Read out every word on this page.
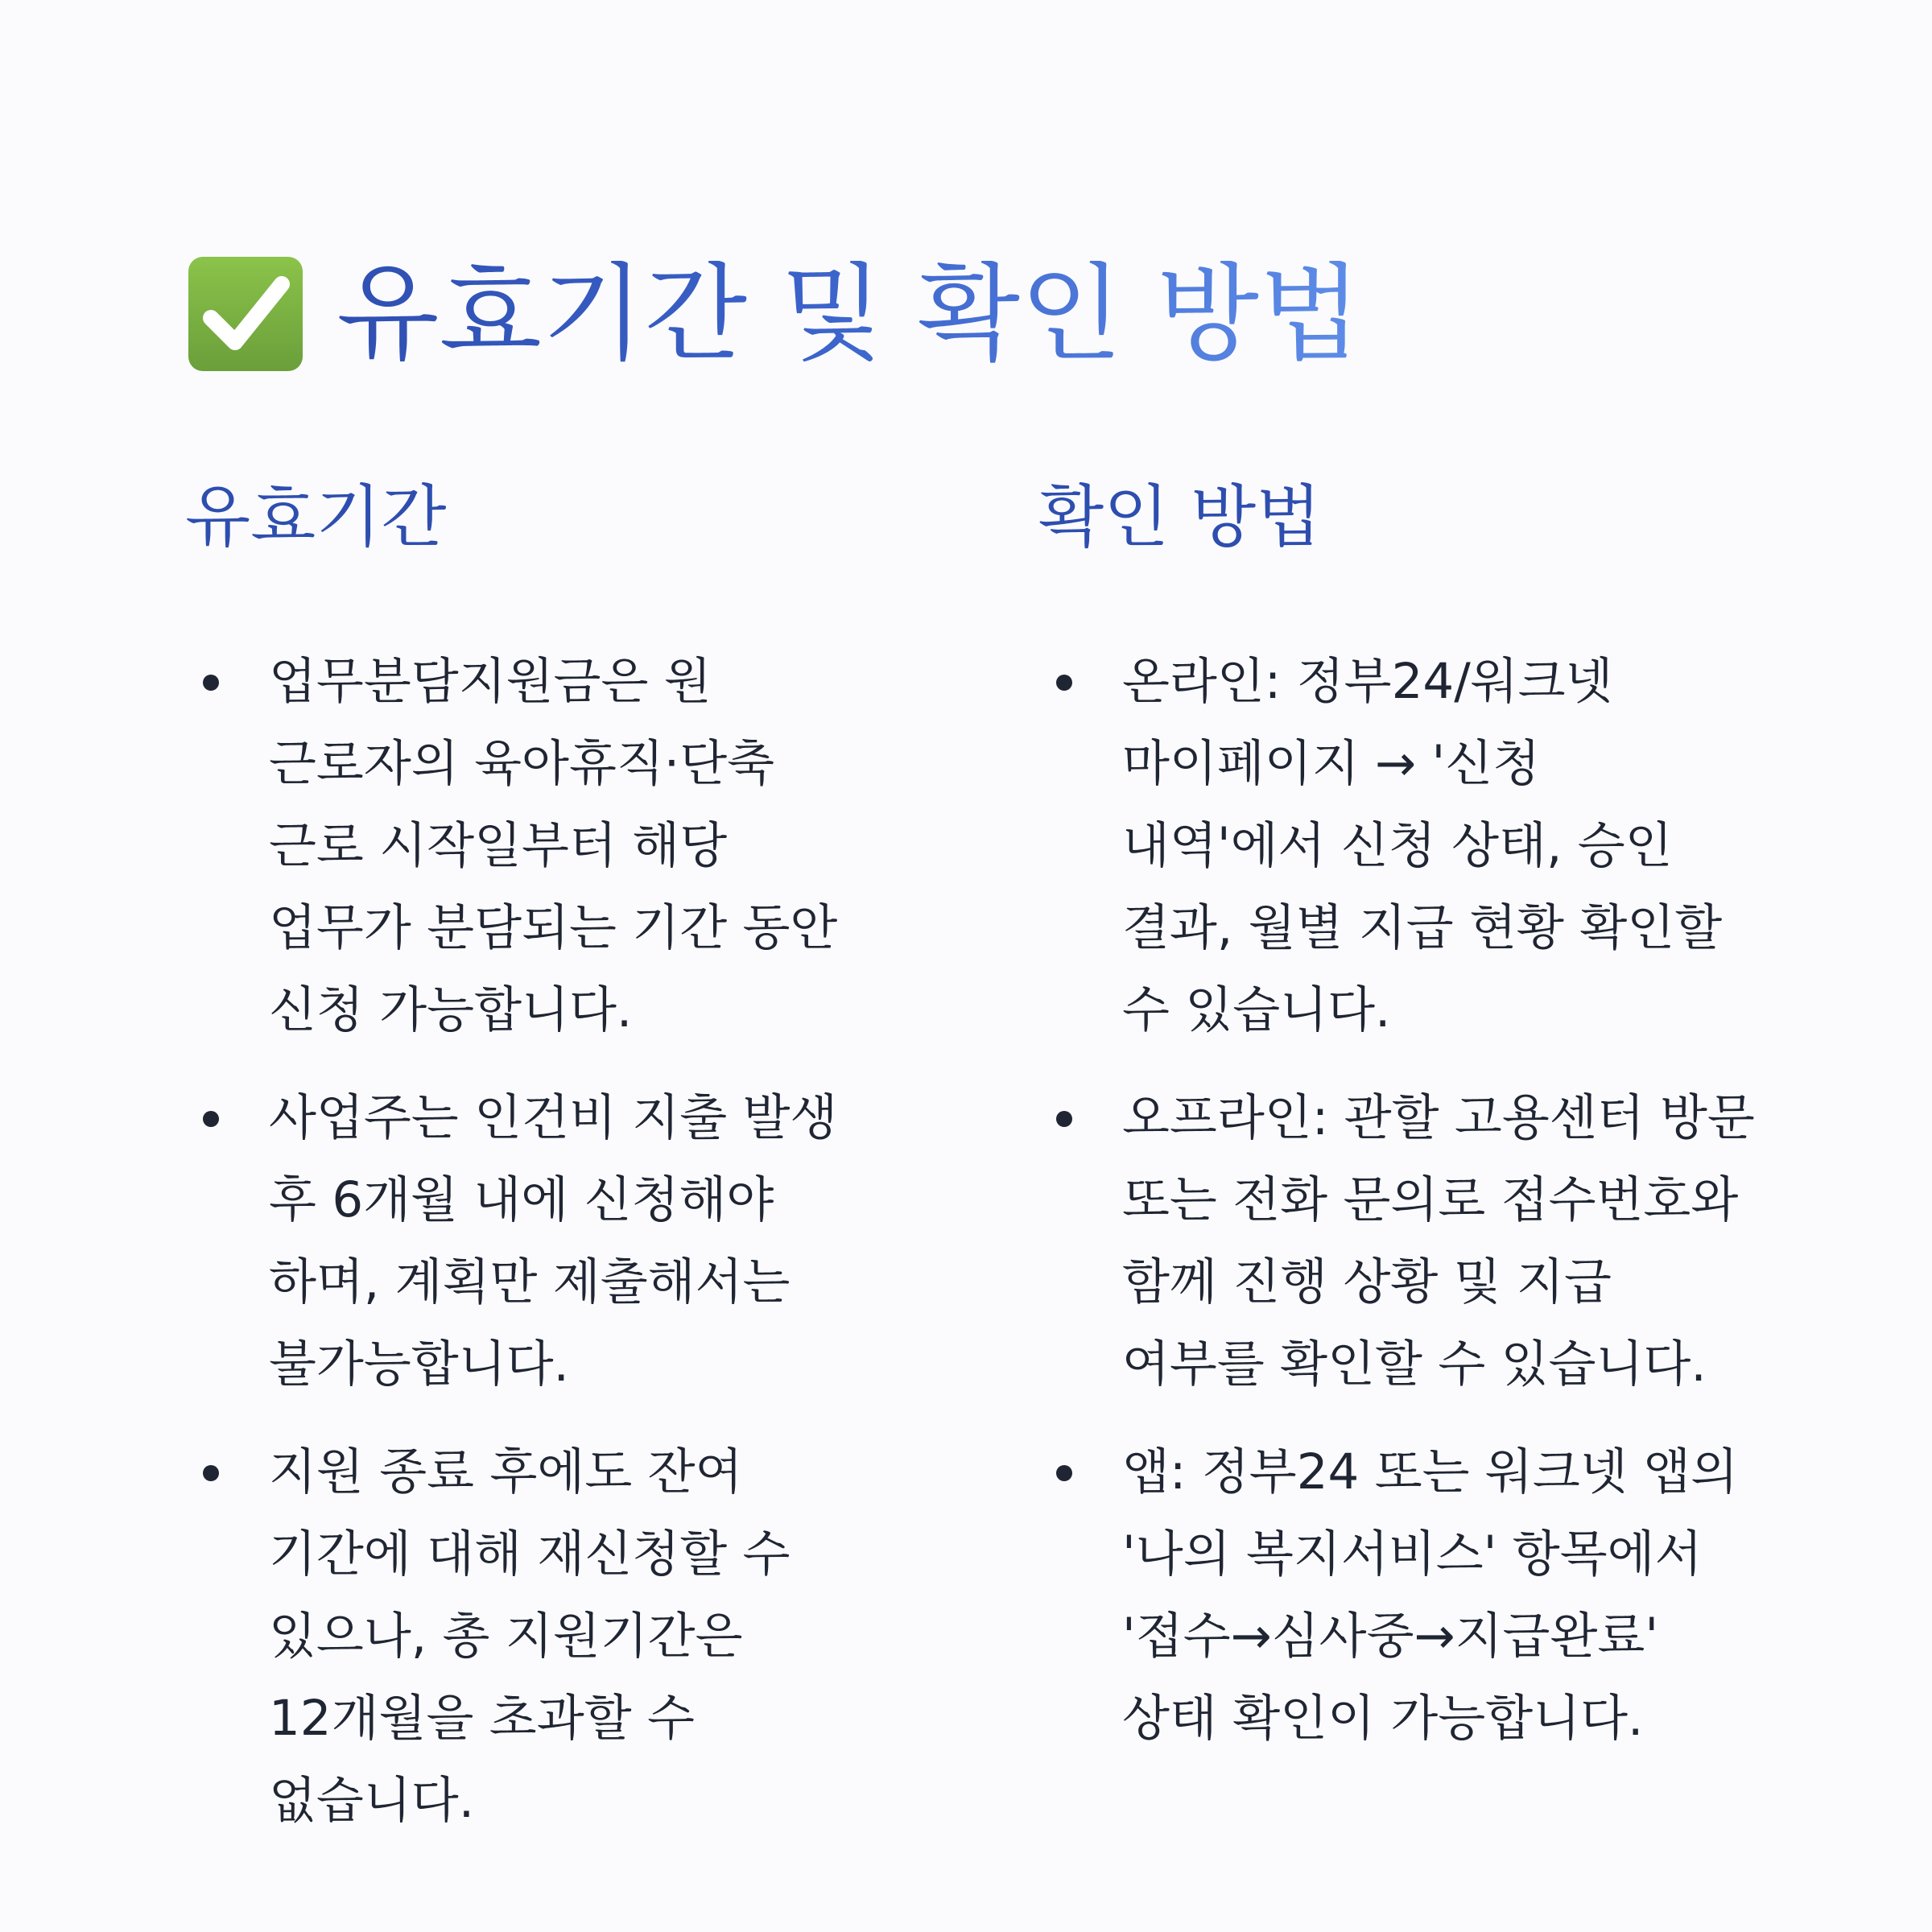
유효기간 및 확인 방법
유효기간
업무분담지원금은 원 근로자의 육아휴직·단축 근로 시작일부터 해당 업무가 분담되는 기간 동안 신청 가능합니다.
사업주는 인건비 지출 발생 후 6개월 내에 신청해야 하며, 계획만 제출해서는 불가능합니다.
지원 종료 후에도 잔여 기간에 대해 재신청할 수 있으나, 총 지원기간은 12개월을 초과할 수 없습니다.
확인 방법
온라인: 정부24/워크넷 마이페이지 → '신청 내역'에서 신청 상태, 승인 결과, 월별 지급 현황 확인할 수 있습니다.
오프라인: 관할 고용센터 방문 또는 전화 문의로 접수번호와 함께 진행 상황 및 지급 여부를 확인할 수 있습니다.
앱: 정부24 또는 워크넷 앱의 '나의 복지서비스' 항목에서 '접수→심사중→지급완료' 상태 확인이 가능합니다.
